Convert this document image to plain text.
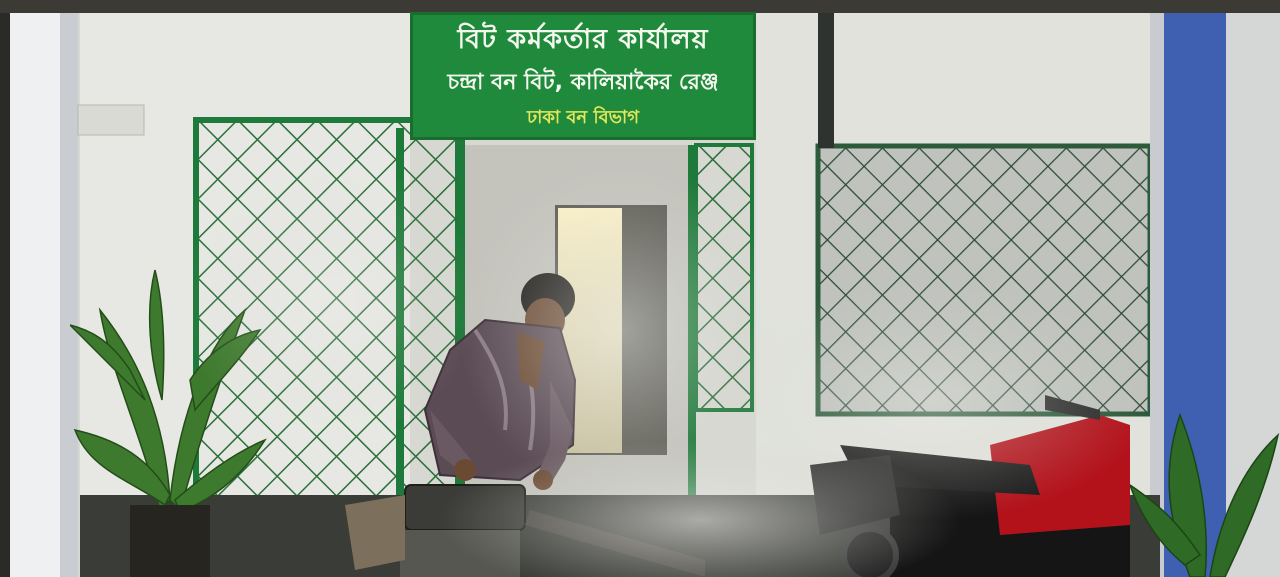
বিট কর্মকর্তার কার্যালয়
চন্দ্রা বন বিট, কালিয়াকৈর রেঞ্জ
ঢাকা বন বিভাগ
